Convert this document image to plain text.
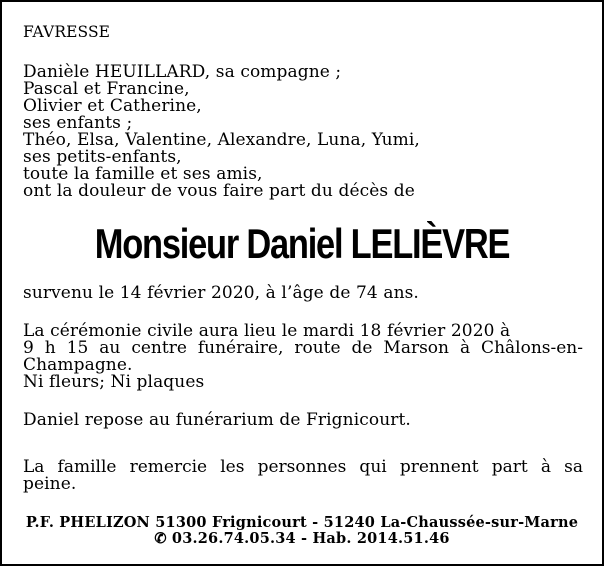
FAVRESSE
Danièle HEUILLARD, sa compagne ;
Pascal et Francine,
Olivier et Catherine,
ses enfants ;
Théo, Elsa, Valentine, Alexandre, Luna, Yumi,
ses petits-enfants,
toute la famille et ses amis,
ont la douleur de vous faire part du décès de
Monsieur Daniel LELIÈVRE
survenu le 14 février 2020, à l’âge de 74 ans.
La cérémonie civile aura lieu le mardi 18 février 2020 à
9 h 15 au centre funéraire, route de Marson à Châlons-en-
Champagne.
Ni fleurs; Ni plaques
Daniel repose au funérarium de Frignicourt.
La famille remercie les personnes qui prennent part à sa
peine.
P.F. PHELIZON 51300 Frignicourt - 51240 La-Chaussée-sur-Marne
✆ 03.26.74.05.34 - Hab. 2014.51.46
